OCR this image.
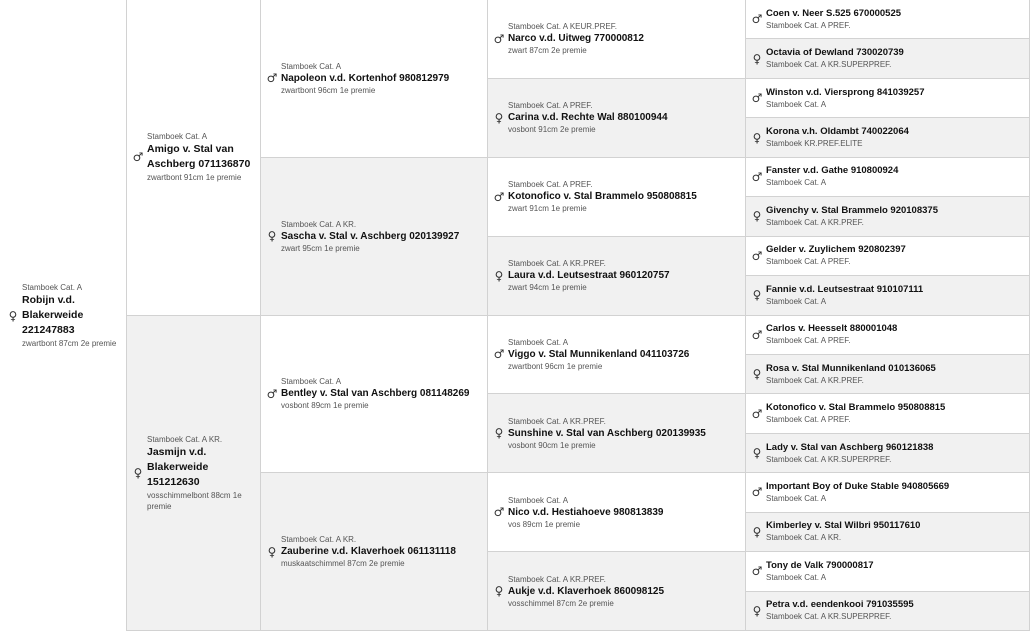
♀
Stamboek Cat. A
Robijn v.d. Blakerweide 221247883
zwartbont 87cm 2e premie
♂
Stamboek Cat. A
Amigo v. Stal van Aschberg 071136870
zwartbont 91cm 1e premie
♀
Stamboek Cat. A KR.
Jasmijn v.d. Blakerweide 151212630
vosschimmelbont 88cm 1e premie
♂
Stamboek Cat. A
Napoleon v.d. Kortenhof 980812979
zwartbont 96cm 1e premie
♀
Stamboek Cat. A KR.
Sascha v. Stal v. Aschberg 020139927
zwart 95cm 1e premie
♂
Stamboek Cat. A
Bentley v. Stal van Aschberg 081148269
vosbont 89cm 1e premie
♀
Stamboek Cat. A KR.
Zauberine v.d. Klaverhoek 061131118
muskaatschimmel 87cm 2e premie
♂
Stamboek Cat. A KEUR.PREF.
Narco v.d. Uitweg 770000812
zwart 87cm 2e premie
♀
Stamboek Cat. A PREF.
Carina v.d. Rechte Wal 880100944
vosbont 91cm 2e premie
♂
Stamboek Cat. A PREF.
Kotonofico v. Stal Brammelo 950808815
zwart 91cm 1e premie
♀
Stamboek Cat. A KR.PREF.
Laura v.d. Leutsestraat 960120757
zwart 94cm 1e premie
♂
Stamboek Cat. A
Viggo v. Stal Munnikenland 041103726
zwartbont 96cm 1e premie
♀
Stamboek Cat. A KR.PREF.
Sunshine v. Stal van Aschberg 020139935
vosbont 90cm 1e premie
♂
Stamboek Cat. A
Nico v.d. Hestiahoeve 980813839
vos 89cm 1e premie
♀
Stamboek Cat. A KR.PREF.
Aukje v.d. Klaverhoek 860098125
vosschimmel 87cm 2e premie
♂ Coen v. Neer S.525 670000525
Stamboek Cat. A PREF.
♀ Octavia of Dewland 730020739
Stamboek Cat. A KR.SUPERPREF.
♂ Winston v.d. Viersprong 841039257
Stamboek Cat. A
♀ Korona v.h. Oldambt 740022064
Stamboek KR.PREF.ELITE
♂ Fanster v.d. Gathe 910800924
Stamboek Cat. A
♀ Givenchy v. Stal Brammelo 920108375
Stamboek Cat. A KR.PREF.
♂ Gelder v. Zuylichem 920802397
Stamboek Cat. A PREF.
♀ Fannie v.d. Leutsestraat 910107111
Stamboek Cat. A
♂ Carlos v. Heesselt 880001048
Stamboek Cat. A PREF.
♀ Rosa v. Stal Munnikenland 010136065
Stamboek Cat. A KR.PREF.
♂ Kotonofico v. Stal Brammelo 950808815
Stamboek Cat. A PREF.
♀ Lady v. Stal van Aschberg 960121838
Stamboek Cat. A KR.SUPERPREF.
♂ Important Boy of Duke Stable 940805669
Stamboek Cat. A
♀ Kimberley v. Stal Wilbri 950117610
Stamboek Cat. A KR.
♂ Tony de Valk 790000817
Stamboek Cat. A
♀ Petra v.d. eendenkooi 791035595
Stamboek Cat. A KR.SUPERPREF.
